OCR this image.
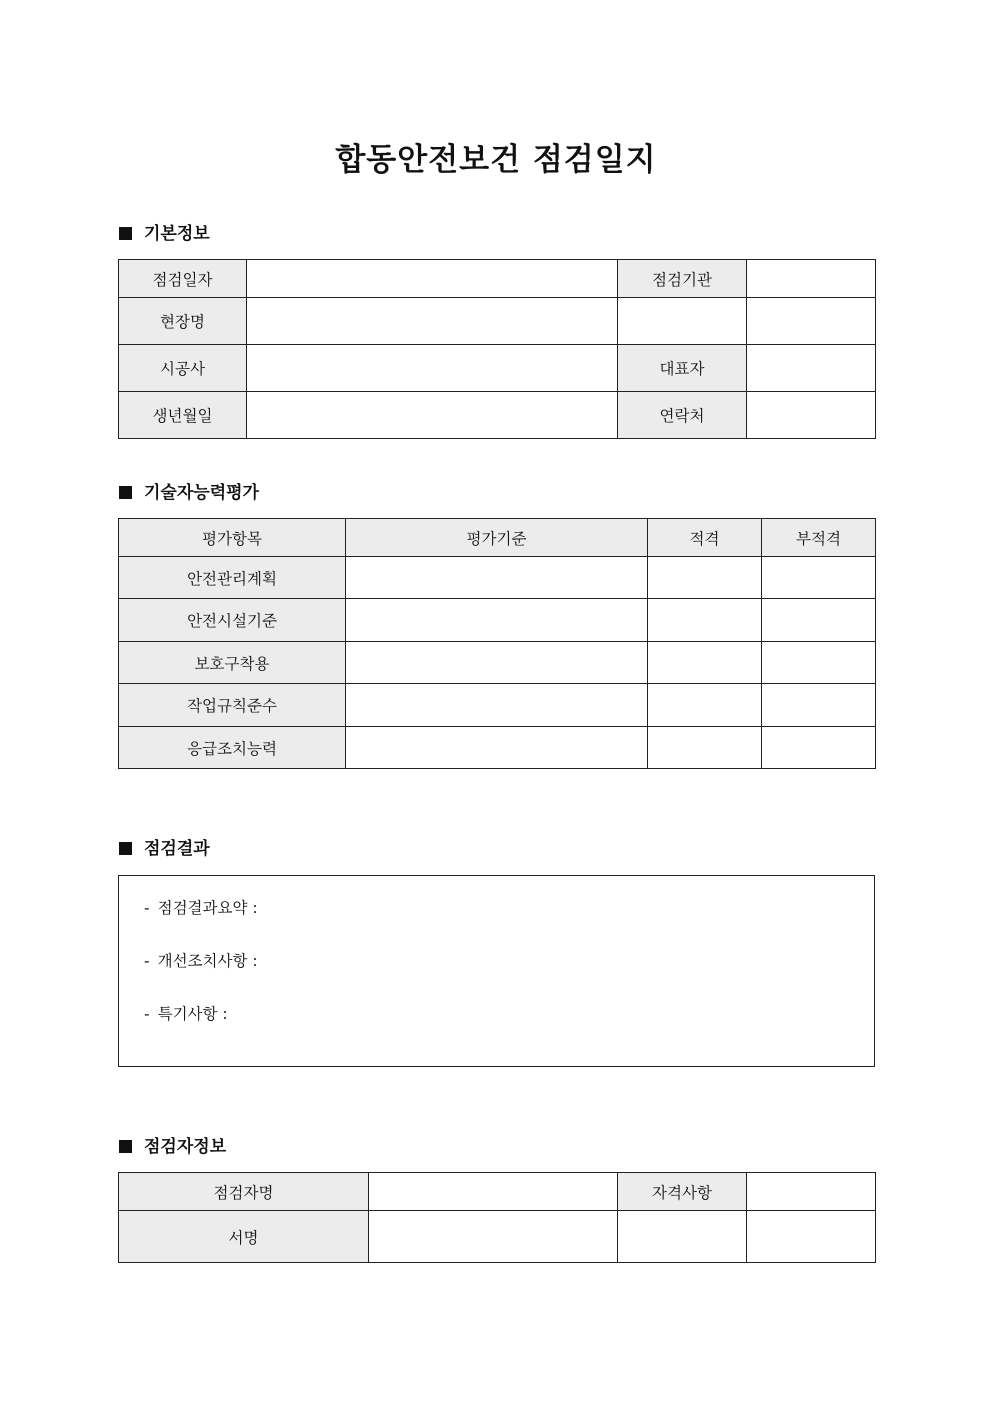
합동안전보건 점검일지
기본정보
점검일자		점검기관	
현장명			
시공사		대표자	
생년월일		연락처	
기술자능력평가
평가항목	평가기준	적격	부적격
안전관리계획			
안전시설기준			
보호구착용			
작업규칙준수			
응급조치능력			
점검결과
- 점검결과요약 :
- 개선조치사항 :
- 특기사항 :
점검자정보
점검자명		자격사항	
서명			
